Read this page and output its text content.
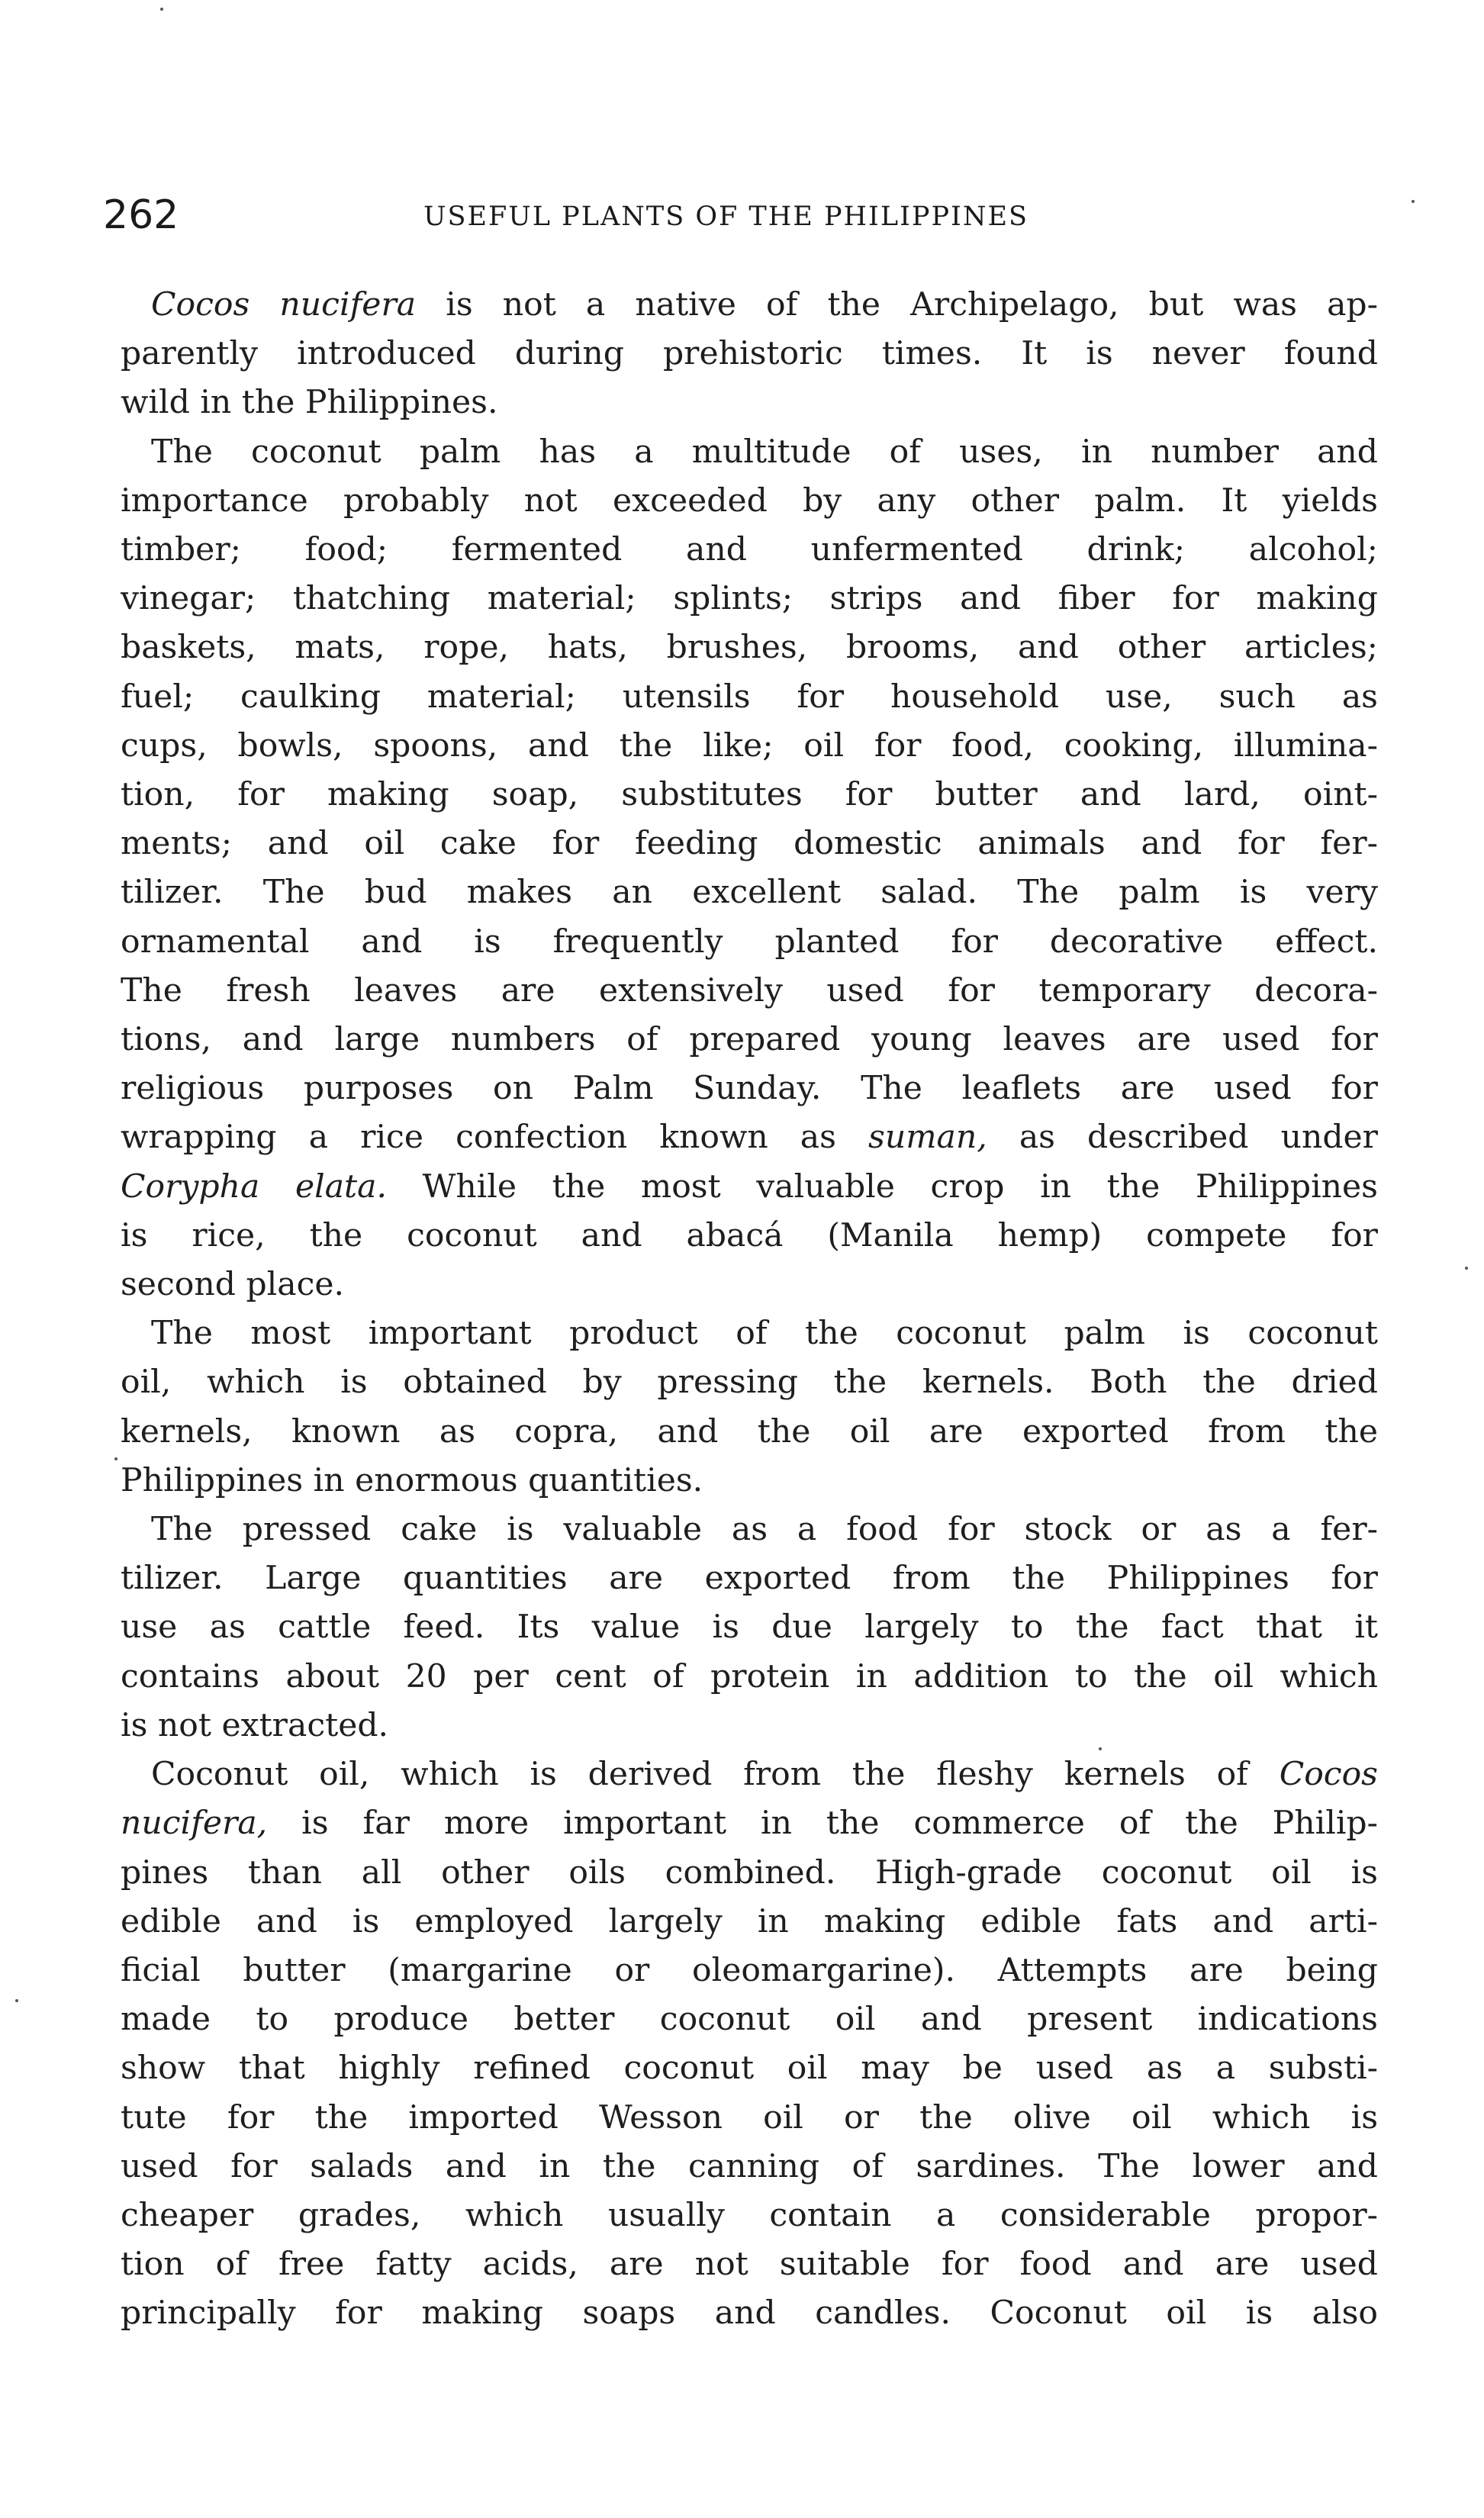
262	USEFUL PLANTS OF THE PHILIPPINES
Cocos nucifera is not a native of the Archipelago, but was ap-
parently introduced during prehistoric times. It is never found
wild in the Philippines.
The coconut palm has a multitude of uses, in number and
importance probably not exceeded by any other palm. It yields
timber; food; fermented and unfermented drink; alcohol;
vinegar; thatching material; splints; strips and fiber for making
baskets, mats, rope, hats, brushes, brooms, and other articles;
fuel; caulking material; utensils for household use, such as
cups, bowls, spoons, and the like; oil for food, cooking, illumina-
tion, for making soap, substitutes for butter and lard, oint-
ments; and oil cake for feeding domestic animals and for fer-
tilizer. The bud makes an excellent salad. The palm is very
ornamental and is frequently planted for decorative effect.
The fresh leaves are extensively used for temporary decora-
tions, and large numbers of prepared young leaves are used for
religious purposes on Palm Sunday. The leaflets are used for
wrapping a rice confection known as suman, as described under
Corypha elata. While the most valuable crop in the Philippines
is rice, the coconut and abacá (Manila hemp) compete for
second place.
The most important product of the coconut palm is coconut
oil, which is obtained by pressing the kernels. Both the dried
kernels, known as copra, and the oil are exported from the
Philippines in enormous quantities.
The pressed cake is valuable as a food for stock or as a fer-
tilizer. Large quantities are exported from the Philippines for
use as cattle feed. Its value is due largely to the fact that it
contains about 20 per cent of protein in addition to the oil which
is not extracted.
Coconut oil, which is derived from the fleshy kernels of Cocos
nucifera, is far more important in the commerce of the Philip-
pines than all other oils combined. High-grade coconut oil is
edible and is employed largely in making edible fats and arti-
ficial butter (margarine or oleomargarine). Attempts are being
made to produce better coconut oil and present indications
show that highly refined coconut oil may be used as a substi-
tute for the imported Wesson oil or the olive oil which is
used for salads and in the canning of sardines. The lower and
cheaper grades, which usually contain a considerable propor-
tion of free fatty acids, are not suitable for food and are used
principally for making soaps and candles. Coconut oil is also
